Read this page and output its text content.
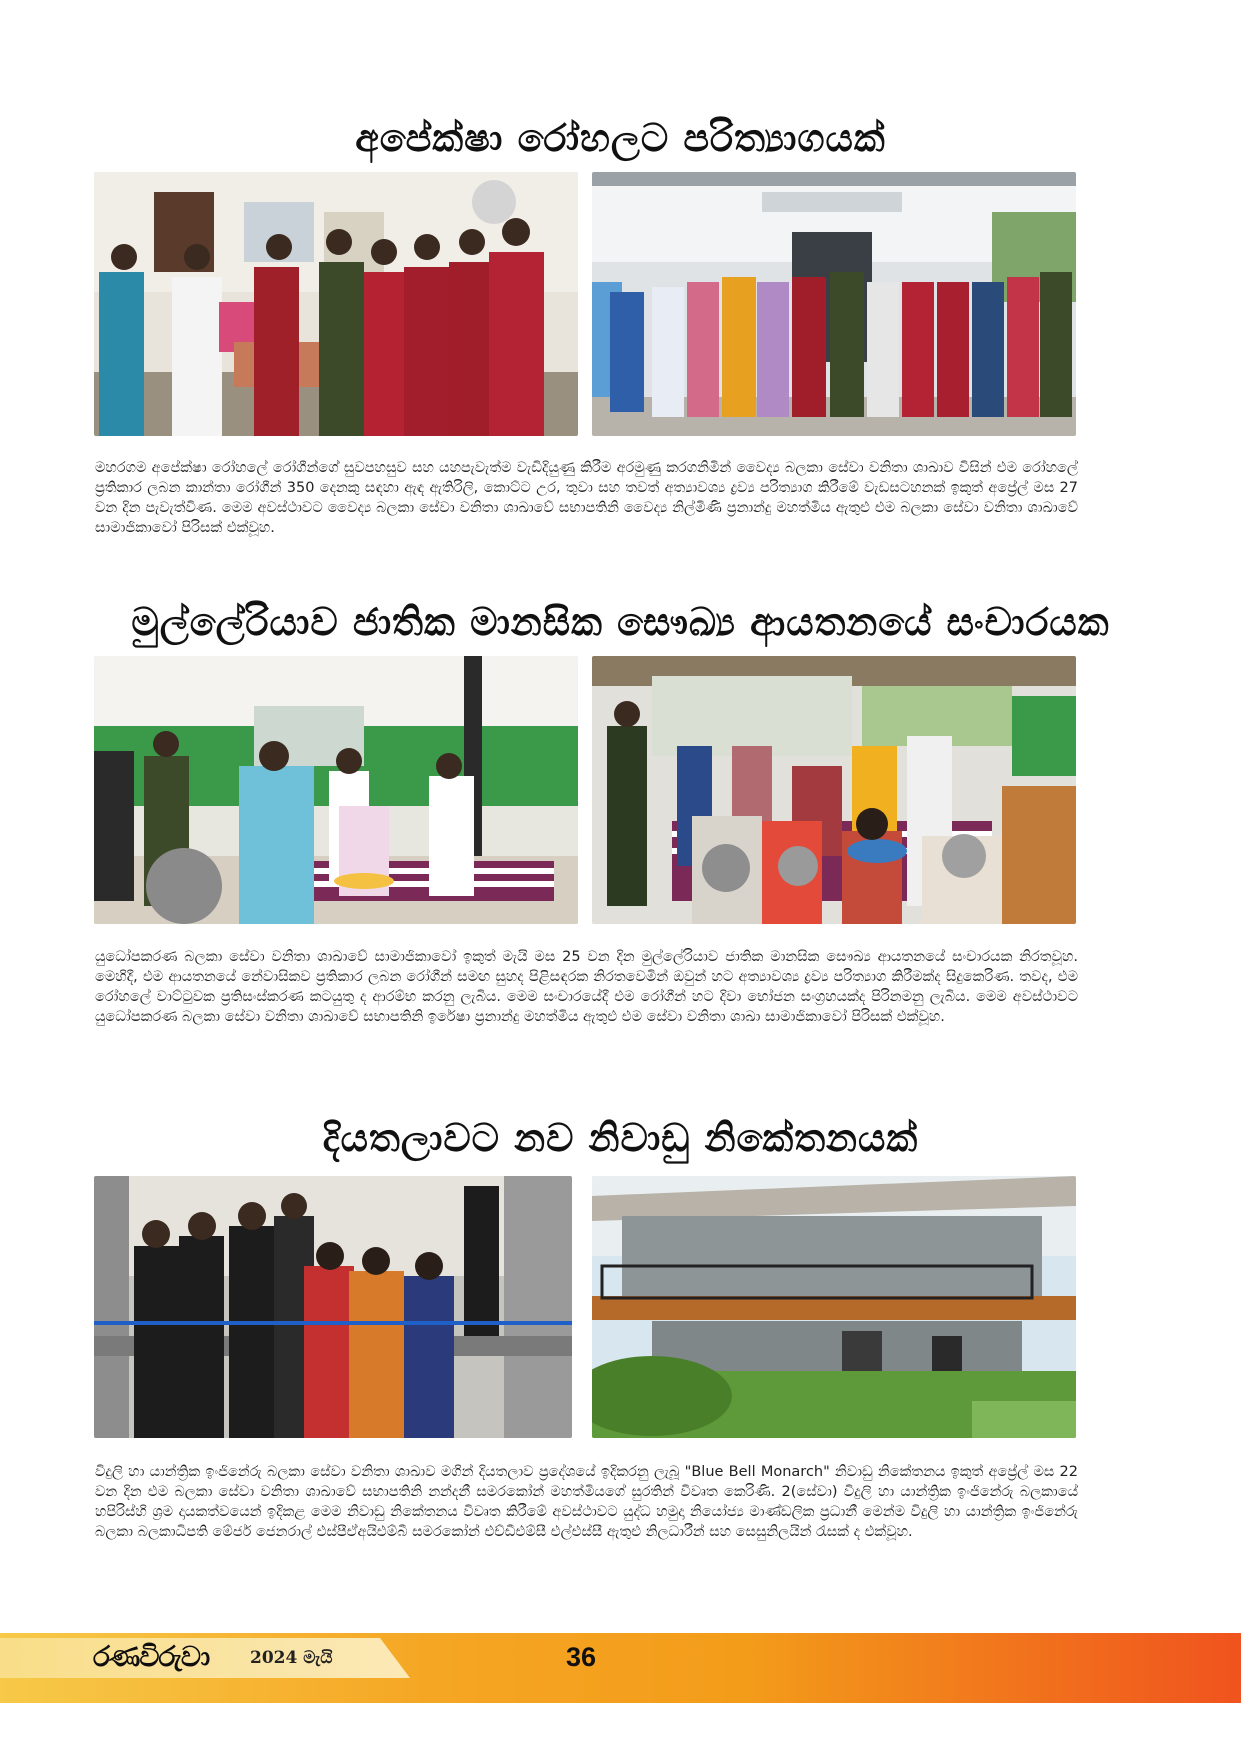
අපේක්ෂා රෝහලට පරිත්‍යාගයක්

මහරගම අපේක්ෂා රෝහලේ රෝගීන්ගේ සුවපහසුව සහ යහපැවැත්ම වැඩිදියුණු කිරීම අරමුණු කරගනිමින් වෛද්‍ය බලකා සේවා වනිතා ශාඛාව විසින් එම රෝහලේ ප්‍රතිකාර ලබන කාන්තා රෝගීන් 350 දෙනකු සඳහා ඇඳ ඇතිරිලි, කොට්ට උර, තුවා සහ තවත් අත්‍යාවශ්‍ය ද්‍රව්‍ය පරිත්‍යාග කිරීමේ වැඩසටහනක් ඉකුත් අප්‍රේල් මස 27 වන දින පැවැත්විණ. මෙම අවස්ථාවට වෛද්‍ය බලකා සේවා වනිතා ශාඛාවේ සභාපතිනි වෛද්‍ය නිල්මිණි ප්‍රනාන්දු මහත්මිය ඇතුළු එම බලකා සේවා වනිතා ශාඛාවේ සාමාජිකාවෝ පිරිසක් එක්වූහ.

මුල්ලේරියාව ජාතික මානසික සෞඛ්‍ය ආයතනයේ සංචාරයක

යුධෝපකරණ බලකා සේවා වනිතා ශාඛාවේ සාමාජිකාවෝ ඉකුත් මැයි මස 25 වන දින මුල්ලේරියාව ජාතික මානසික සෞඛ්‍ය ආයතනයේ සංචාරයක නිරතවූහ. මෙහිදී, එම ආයතනයේ නේවාසිකව ප්‍රතිකාර ලබන රෝගීන් සමඟ සුහද පිළිසඳරක නිරතවෙමින් ඔවුන් හට අත්‍යාවශ්‍ය ද්‍රව්‍ය පරිත්‍යාග කිරීමක්ද සිදුකෙරිණ. තවද, එම රෝහලේ වාට්ටුවක ප්‍රතිසංස්කරණ කටයුතු ද ආරම්භ කරනු ලැබිය. මෙම සංචාරයේදී එම රෝගීන් හට දිවා භෝජන සංග්‍රහයක්ද පිරිනමනු ලැබිය. මෙම අවස්ථාවට යුධෝපකරණ බලකා සේවා වනිතා ශාඛාවේ සභාපතිනි ඉරේෂා ප්‍රනාන්දු මහත්මිය ඇතුළු එම සේවා වනිතා ශාඛා සාමාජිකාවෝ පිරිසක් එක්වූහ.

දියතලාවට නව නිවාඩු නිකේතනයක්

විදුලි හා යාන්ත්‍රික ඉංජිනේරු බලකා සේවා වනිතා ශාඛාව මගින් දියතලාව ප්‍රදේශයේ ඉදිකරනු ලැබූ "Blue Bell Monarch" නිවාඩු නිකේතනය ඉකුත් අප්‍රේල් මස 22 වන දින එම බලකා සේවා වනිතා ශාඛාවේ සභාපතිනි නන්දනී සමරකෝන් මහත්මියගේ සුරතින් විවෘත කෙරිණි. 2(සේවා) විදුලි හා යාන්ත්‍රික ඉංජිනේරු බලකායේ හපිරිස්හි ශ්‍රම දායකත්වයෙන් ඉදිකළ මෙම නිවාඩු නිකේතනය විවෘත කිරීමේ අවස්ථාවට යුද්ධ හමුදා නියෝජ්‍ය මාණ්ඩලික ප්‍රධානී මෙන්ම විදුලි හා යාන්ත්‍රික ඉංජිනේරු බලකා බලකාධිපති මේජර් ජෙනරාල් එස්පීඒඅයිඑම්බී සමරකෝන් එච්ඩීඑම්සී එල්එස්සී ඇතුළු නිලධාරීන් සහ සෙසුනිලයින් රැසක් ද එක්වූහ.

රණවිරුවා 2024 මැයි	36
